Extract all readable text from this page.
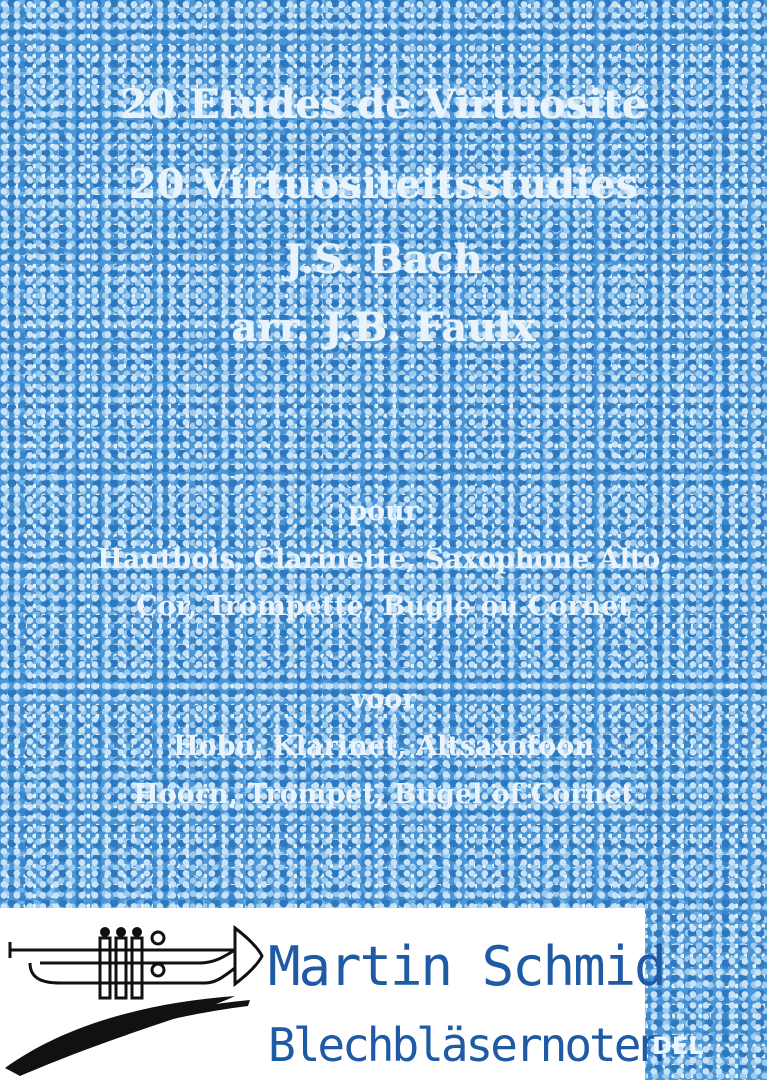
20 Etudes de Virtuosité
20 Virtuositeitsstudies
J.S. Bach
arr. J.B. Faulx
pour
Hautbois, Clarinette, Saxophone Alto,
Cor, Trompette, Bugle ou Cornet
voor
Hobo, Klarinet, Altsaxofoon
Hoorn, Trompet, Bugel of Cornet
Martin Schmid
Blechbläsernoten
DEL
